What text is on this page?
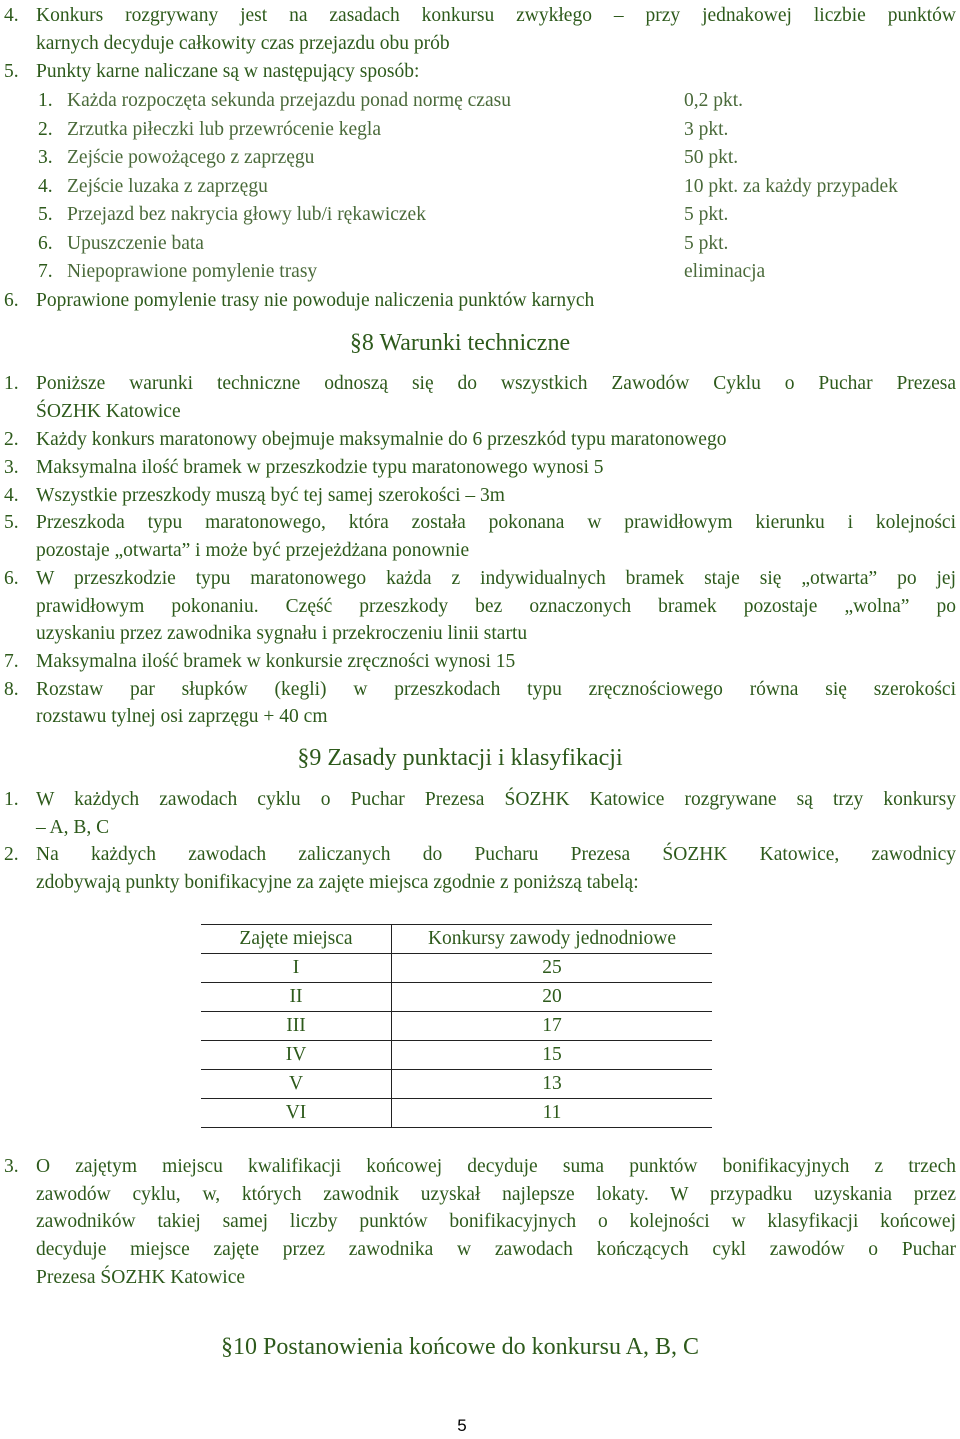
4. Konkurs rozgrywany jest na zasadach konkursu zwykłego – przy jednakowej liczbie punktów
karnych decyduje całkowity czas przejazdu obu prób
5. Punkty karne naliczane są w następujący sposób:
1. Każda rozpoczęta sekunda przejazdu ponad normę czasu	0,2 pkt.
2. Zrzutka piłeczki lub przewrócenie kegla	3 pkt.
3. Zejście powożącego z zaprzęgu	50 pkt.
4. Zejście luzaka z zaprzęgu	10 pkt. za każdy przypadek
5. Przejazd bez nakrycia głowy lub/i rękawiczek	5 pkt.
6. Upuszczenie bata	5 pkt.
7. Niepoprawione pomylenie trasy	eliminacja
6. Poprawione pomylenie trasy nie powoduje naliczenia punktów karnych
§8 Warunki techniczne
1. Poniższe warunki techniczne odnoszą się do wszystkich Zawodów Cyklu o Puchar Prezesa
ŚOZHK Katowice
2. Każdy konkurs maratonowy obejmuje maksymalnie do 6 przeszkód typu maratonowego
3. Maksymalna ilość bramek w przeszkodzie typu maratonowego wynosi 5
4. Wszystkie przeszkody muszą być tej samej szerokości – 3m
5. Przeszkoda typu maratonowego, która została pokonana w prawidłowym kierunku i kolejności
pozostaje „otwarta” i może być przejeżdżana ponownie
6. W przeszkodzie typu maratonowego każda z indywidualnych bramek staje się „otwarta” po jej
prawidłowym pokonaniu. Część przeszkody bez oznaczonych bramek pozostaje „wolna” po
uzyskaniu przez zawodnika sygnału i przekroczeniu linii startu
7. Maksymalna ilość bramek w konkursie zręczności wynosi 15
8. Rozstaw par słupków (kegli) w przeszkodach typu zręcznościowego równa się szerokości
rozstawu tylnej osi zaprzęgu + 40 cm
§9 Zasady punktacji i klasyfikacji
1. W każdych zawodach cyklu o Puchar Prezesa ŚOZHK Katowice rozgrywane są trzy konkursy
– A, B, C
2. Na każdych zawodach zaliczanych do Pucharu Prezesa ŚOZHK Katowice, zawodnicy
zdobywają punkty bonifikacyjne za zajęte miejsca zgodnie z poniższą tabelą:
Zajęte miejsca	Konkursy zawody jednodniowe
I	25
II	20
III	17
IV	15
V	13
VI	11
3. O zajętym miejscu kwalifikacji końcowej decyduje suma punktów bonifikacyjnych z trzech
zawodów cyklu, w, których zawodnik uzyskał najlepsze lokaty. W przypadku uzyskania przez
zawodników takiej samej liczby punktów bonifikacyjnych o kolejności w klasyfikacji końcowej
decyduje miejsce zajęte przez zawodnika w zawodach kończących cykl zawodów o Puchar
Prezesa ŚOZHK Katowice
§10 Postanowienia końcowe do konkursu A, B, C
5
